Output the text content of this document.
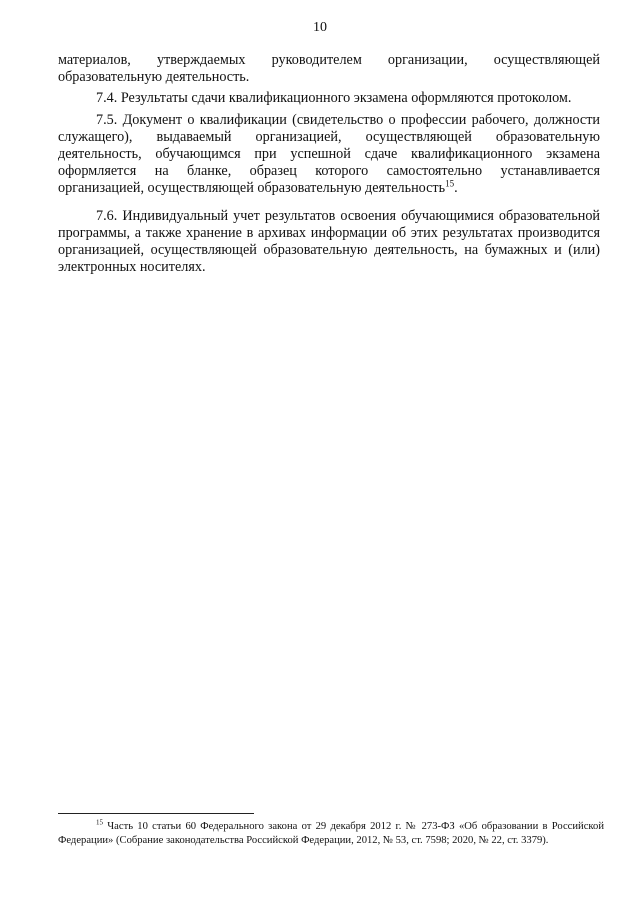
10

материалов, утверждаемых руководителем организации, осуществляющей образовательную деятельность.

7.4. Результаты сдачи квалификационного экзамена оформляются протоколом.

7.5. Документ о квалификации (свидетельство о профессии рабочего, должности служащего), выдаваемый организацией, осуществляющей образовательную деятельность, обучающимся при успешной сдаче квалификационного экзамена оформляется на бланке, образец которого самостоятельно устанавливается организацией, осуществляющей образовательную деятельность$^{15}$.

7.6. Индивидуальный учет результатов освоения обучающимися образовательной программы, а также хранение в архивах информации об этих результатах производится организацией, осуществляющей образовательную деятельность, на бумажных и (или) электронных носителях.

$^{15}$ Часть 10 статьи 60 Федерального закона от 29 декабря 2012 г. № 273-ФЗ «Об образовании в Российской Федерации» (Собрание законодательства Российской Федерации, 2012, № 53, ст. 7598; 2020, № 22, ст. 3379).
